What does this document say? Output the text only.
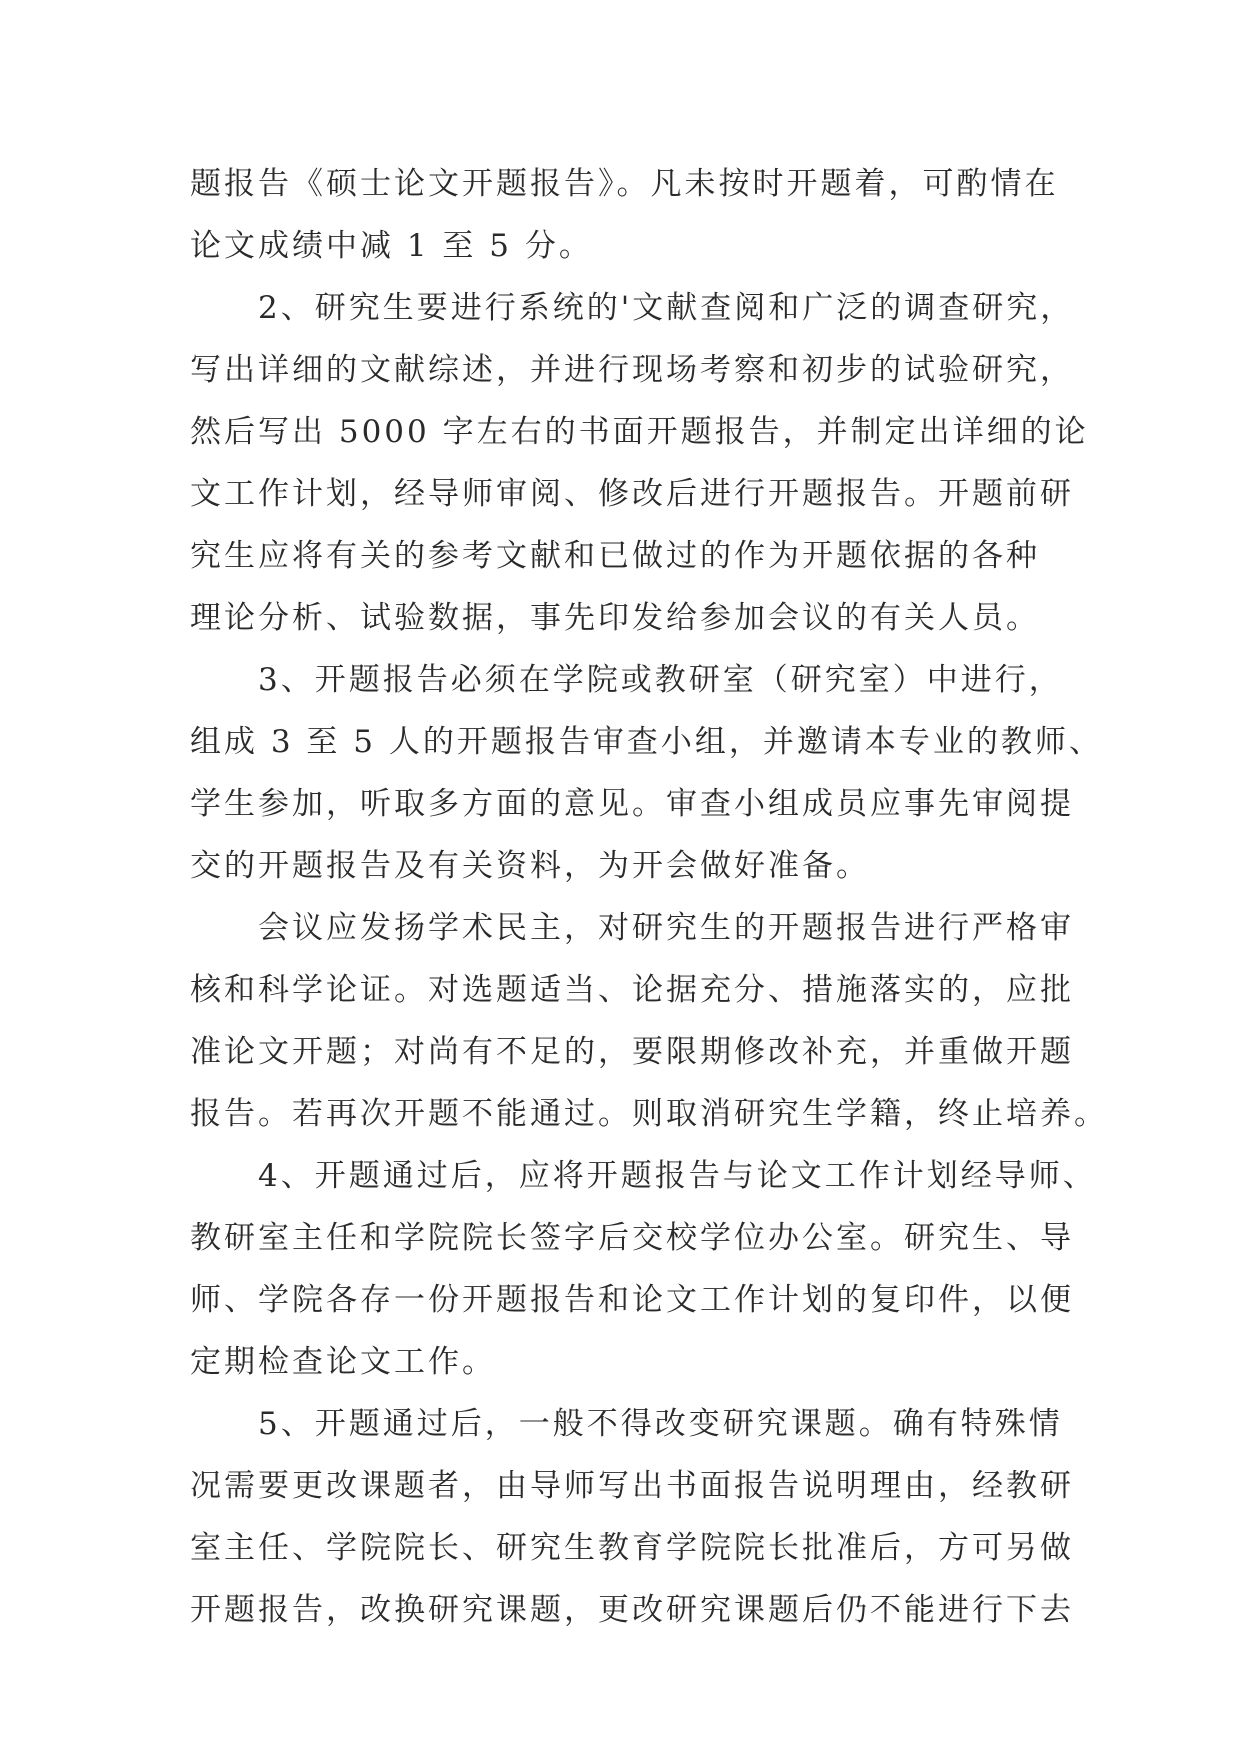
题报告《硕士论文开题报告》。凡未按时开题着，可酌情在
论文成绩中减 1 至 5 分。
　　2、研究生要进行系统的'文献查阅和广泛的调查研究，
写出详细的文献综述，并进行现场考察和初步的试验研究，
然后写出 5000 字左右的书面开题报告，并制定出详细的论
文工作计划，经导师审阅、修改后进行开题报告。开题前研
究生应将有关的参考文献和已做过的作为开题依据的各种
理论分析、试验数据，事先印发给参加会议的有关人员。
　　3、开题报告必须在学院或教研室（研究室）中进行，
组成 3 至 5 人的开题报告审查小组，并邀请本专业的教师、
学生参加，听取多方面的意见。审查小组成员应事先审阅提
交的开题报告及有关资料，为开会做好准备。
　　会议应发扬学术民主，对研究生的开题报告进行严格审
核和科学论证。对选题适当、论据充分、措施落实的，应批
准论文开题；对尚有不足的，要限期修改补充，并重做开题
报告。若再次开题不能通过。则取消研究生学籍，终止培养。
　　4、开题通过后，应将开题报告与论文工作计划经导师、
教研室主任和学院院长签字后交校学位办公室。研究生、导
师、学院各存一份开题报告和论文工作计划的复印件，以便
定期检查论文工作。
　　5、开题通过后，一般不得改变研究课题。确有特殊情
况需要更改课题者，由导师写出书面报告说明理由，经教研
室主任、学院院长、研究生教育学院院长批准后，方可另做
开题报告，改换研究课题，更改研究课题后仍不能进行下去
